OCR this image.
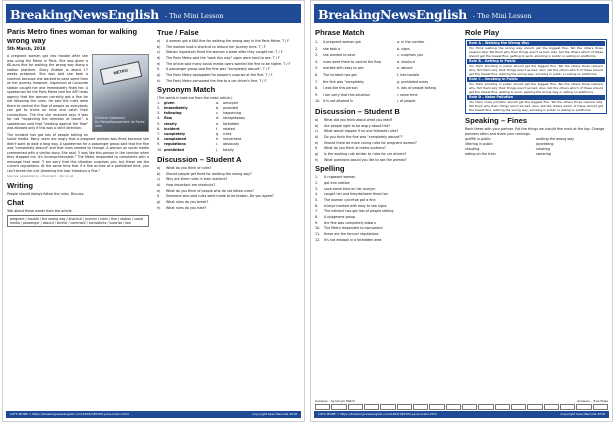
BreakingNewsEnglish - The Mini Lesson
Paris Metro fines woman for walking wrong way
5th March, 2018
METRO
Graham Cabaneau
Du Parisdépassement de Fonte vers

A pregnant woman got into trouble after she was using the Metro in Paris. She was given a 60-euro fine for walking the wrong way along a station platform. Stacy Bubble is about 17 weeks pregnant. She was told she took a shortcut because she wanted to save some time on her journey. However, inspectors at Concorde station caught her and immediately fined her. A spokesman for the Paris Metro told the AFP news agency that the woman correctly got a fine for not following the rules. He said the rules were there to control the flow of people so everybody can get to trains on time and catch their connections. The fine she received says it was for not "respecting the direction of travel". A spokesman said that "walking against the flow" was allowed only if this was a strict direction.

The incident has got lots of people talking on social media. Many users are angry that a pregnant woman was fined because she didn't want to walk a long way. A spokesman for a passenger group said that the fine was "completely absurd" and that rules needed to change. A woman on social media commented with a similar story. She said, "I was like this person in the corridor when they stopped me. It's incomprehensible." The Metro responded to complaints with a message that read: "I am sorry that this situation surprises you, but these are the current regulations. At the same time that if a fine arrives at a prohibited time, you can't break the rule (breaking the law) introduce a fine."

Sources: newsphoto.tv • thelocal.fr • bbc.co.uk
Writing
People should always follow the rules. Discuss.
Chat
Talk about these words from the article.
pregnant / trouble / the wrong way / shortcut / journey / rules / fine / station / social media / passenger / absurd / similar / comment / complaints / surprise / law
True / False
a)	A woman got a $60 fine for walking the wrong way in the Paris Metro. T / F
b)	The woman took a shortcut to reduce her journey time. T / F
c)	Station inspectors fined the woman a week after they caught her. T / F
d)	The Paris Metro said the "walk this way" signs were hard to see. T / F
e)	The article said many social media users wanted the fine to be higher. T / F
f)	A passenger group said the fine was "completely absurd". T / F
g)	The Paris Metro apologized for people's surprise at the fine. T / F
h)	The Paris Metro compared the fine to a car driver's fine. T / F
Synonym Match
(The words in bold are from the news article.)
1.	given	a.	annoyed
2.	immediately	b.	provided
3.	following	c.	happening
4.	flow	d.	straightaway
5.	clearly	e.	forbidden
6.	incident	f.	related
7.	completely	g.	rules
8.	complained	h.	movement
9.	regulations	i.	obviously
10. prohibited	j.	totally
Discussion – Student A
a)	What do you think of rules?
b)	Should people get fined for walking the wrong way?
c)	Why are there rules in train stations?
d)	How important are shortcuts?
e)	What do you think of people who do not follow rules?
f)	Someone who said rules were made to be broken. Do you agree?
g)	What rules do you break?
h)	What rules do you hate?
LOTS MORE ⇒ https://breakingnewsenglish.com/1803/180305-paris-metro.html	Copyright Sean Banville 2018
BreakingNewsEnglish - The Mini Lesson
Phrase Match
1.	A pregnant woman got	a. in the corridor
2.	she took a	b. signs
3.	she wanted to save	c. surprises you
4.	rules were there to control the flow	d. shortcut
5.	marked with easy to see	e. absurd
6.	The incident has got	f. into trouble
7.	the fine was "completely	g. prohibited areas
8.	I was like this person	h. lots of people talking
9.	I am sorry that this situation	i. some time
10. it is not allowed in	j. of people
Discussion – Student B
a)	What did you think about what you read?
b)	Are people right to be angry about this?
c)	What would happen if no one followed rules?
d)	Do you think the fine was "completely absurd"?
e)	Should there be more caring rules for pregnant women?
f)	What do you think of metro systems?
g)	Is the working rule similar to rules for car drivers?
h)	What questions would you like to ask the woman?
Spelling
1.	A rngaepnt woman
2.	got into urbtloe
3.	save some time on her ouerjyn
4.	caught her and ttmydailieem fined her
5.	The woman cylcrrtoe got a fine
6.	tclarye marked with easy to see signs
7.	The ndiniect has got lots of people talking
8.	A npsgesera group
9.	the fine was completely bdsaru
10.	The Metro responded to lcpmoatnsi
11.	these are the ternucr regulations
12.	it's not edowall in a forbidden area
Role Play
Role A – Walking the Wrong Way
You think walking the wrong way should get the biggest fine. Tell the others three reasons why. Tell them why their things aren't as bad. Also, tell the others which of these should get the lowest fine: getting to work, smoking in public or eating on platforms.
Role B – Getting in Public
You think shouting in public should get the biggest fine. Tell the others three reasons why. Tell them why their things aren't as bad. Also, tell the others which of these should get the lowest fine: walking the wrong way, smoking in public or eating on platforms.
Role C – Smoking in Public
You think smoking in public should get the biggest fine. Tell the others three reasons why. Tell them why their things aren't as bad. Also, tell the others which of these should get the lowest fine: getting to work, walking the wrong way or eating on platforms.
Role D – Noise Pollution
You think noise pollution should get the biggest fine. Tell the others three reasons why. Tell them why their things aren't as bad. Also, tell the others which of these should get the lowest fine: walking the wrong way, smoking in public or eating on platforms.
Speaking – Fines
Rank these with your partner. Put the things we should fine most at the top. Change partners often and share your rankings.
graffiti in public	walking the wrong way
littering in public	jaywalking
shouting	smoking
eating on the train	swearing
Answers – Synonym Match	Answers – True False
LOTS MORE ⇒ https://breakingnewsenglish.com/1803/180305-paris-metro.html	Copyright Sean Banville 2018
